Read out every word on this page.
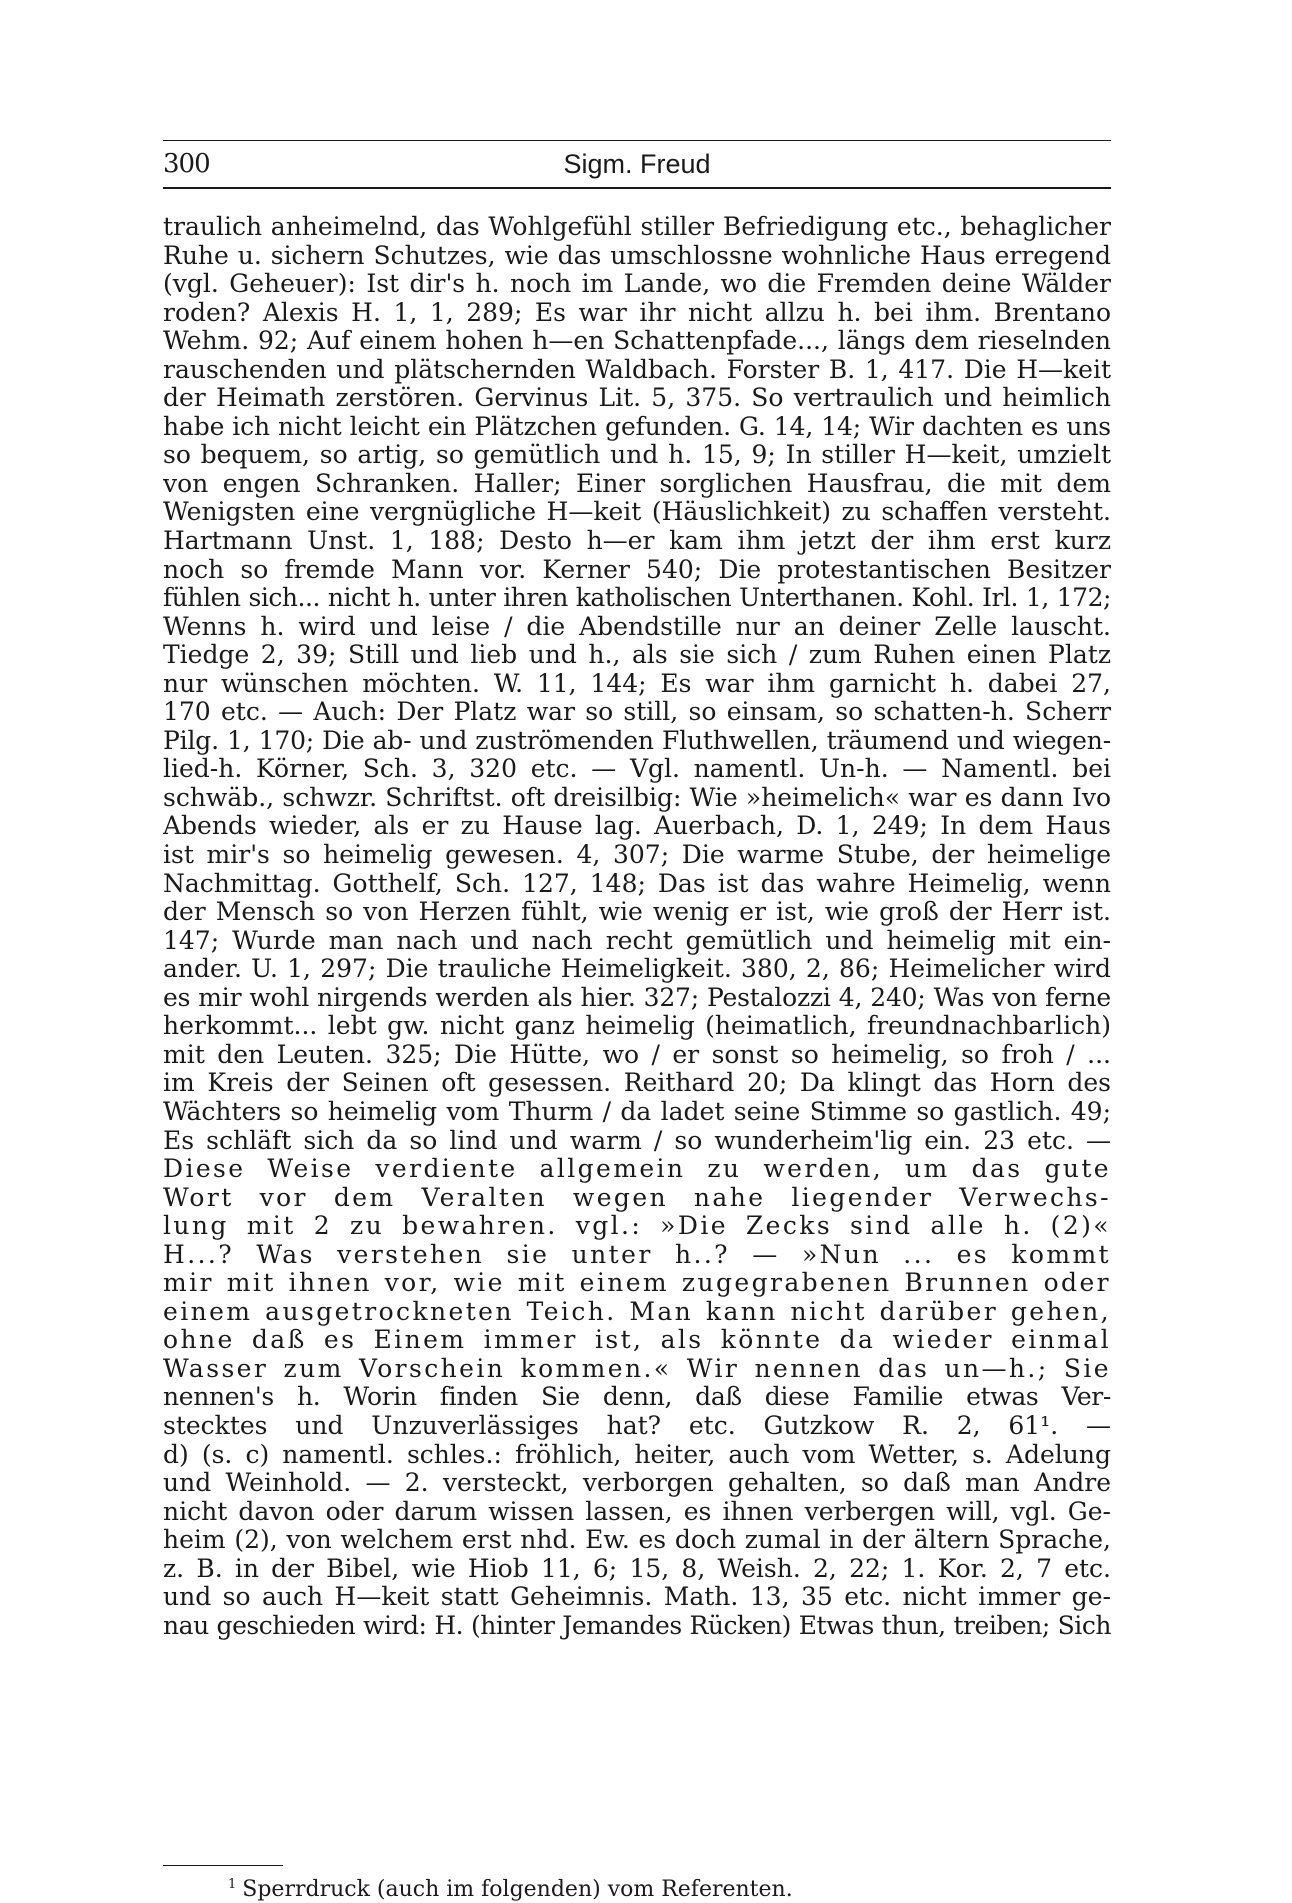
300	Sigm. Freud
traulich anheimelnd, das Wohlgefühl stiller Befriedigung etc., behaglicher
Ruhe u. sichern Schutzes, wie das umschlossne wohnliche Haus erregend
(vgl. Geheuer): Ist dir's h. noch im Lande, wo die Fremden deine Wälder
roden? Alexis H. 1, 1, 289; Es war ihr nicht allzu h. bei ihm. Brentano
Wehm. 92; Auf einem hohen h—en Schattenpfade..., längs dem rieselnden
rauschenden und plätschernden Waldbach. Forster B. 1, 417. Die H—keit
der Heimath zerstören. Gervinus Lit. 5, 375. So vertraulich und heimlich
habe ich nicht leicht ein Plätzchen gefunden. G. 14, 14; Wir dachten es uns
so bequem, so artig, so gemütlich und h. 15, 9; In stiller H—keit, umzielt
von engen Schranken. Haller; Einer sorglichen Hausfrau, die mit dem
Wenigsten eine vergnügliche H—keit (Häuslichkeit) zu schaffen versteht.
Hartmann Unst. 1, 188; Desto h—er kam ihm jetzt der ihm erst kurz
noch so fremde Mann vor. Kerner 540; Die protestantischen Besitzer
fühlen sich... nicht h. unter ihren katholischen Unterthanen. Kohl. Irl. 1, 172;
Wenns h. wird und leise / die Abendstille nur an deiner Zelle lauscht.
Tiedge 2, 39; Still und lieb und h., als sie sich / zum Ruhen einen Platz
nur wünschen möchten. W. 11, 144; Es war ihm garnicht h. dabei 27,
170 etc. — Auch: Der Platz war so still, so einsam, so schatten-h. Scherr
Pilg. 1, 170; Die ab- und zuströmenden Fluthwellen, träumend und wiegen-
lied-h. Körner, Sch. 3, 320 etc. — Vgl. namentl. Un-h. — Namentl. bei
schwäb., schwzr. Schriftst. oft dreisilbig: Wie »heimelich« war es dann Ivo
Abends wieder, als er zu Hause lag. Auerbach, D. 1, 249; In dem Haus
ist mir's so heimelig gewesen. 4, 307; Die warme Stube, der heimelige
Nachmittag. Gotthelf, Sch. 127, 148; Das ist das wahre Heimelig, wenn
der Mensch so von Herzen fühlt, wie wenig er ist, wie groß der Herr ist.
147; Wurde man nach und nach recht gemütlich und heimelig mit ein-
ander. U. 1, 297; Die trauliche Heimeligkeit. 380, 2, 86; Heimelicher wird
es mir wohl nirgends werden als hier. 327; Pestalozzi 4, 240; Was von ferne
herkommt... lebt gw. nicht ganz heimelig (heimatlich, freundnachbarlich)
mit den Leuten. 325; Die Hütte, wo / er sonst so heimelig, so froh / ...
im Kreis der Seinen oft gesessen. Reithard 20; Da klingt das Horn des
Wächters so heimelig vom Thurm / da ladet seine Stimme so gastlich. 49;
Es schläft sich da so lind und warm / so wunderheim'lig ein. 23 etc. —
Diese Weise verdiente allgemein zu werden, um das gute
Wort vor dem Veralten wegen nahe liegender Verwechs-
lung mit 2 zu bewahren. vgl.: »Die Zecks sind alle h. (2)«
H...? Was verstehen sie unter h..? — »Nun ... es kommt
mir mit ihnen vor, wie mit einem zugegrabenen Brunnen oder
einem ausgetrockneten Teich. Man kann nicht darüber gehen,
ohne daß es Einem immer ist, als könnte da wieder einmal
Wasser zum Vorschein kommen.« Wir nennen das un—h.; Sie
nennen's h. Worin finden Sie denn, daß diese Familie etwas Ver-
stecktes und Unzuverlässiges hat? etc. Gutzkow R. 2, 61¹. —
d) (s. c) namentl. schles.: fröhlich, heiter, auch vom Wetter, s. Adelung
und Weinhold. — 2. versteckt, verborgen gehalten, so daß man Andre
nicht davon oder darum wissen lassen, es ihnen verbergen will, vgl. Ge-
heim (2), von welchem erst nhd. Ew. es doch zumal in der ältern Sprache,
z. B. in der Bibel, wie Hiob 11, 6; 15, 8, Weish. 2, 22; 1. Kor. 2, 7 etc.
und so auch H—keit statt Geheimnis. Math. 13, 35 etc. nicht immer ge-
nau geschieden wird: H. (hinter Jemandes Rücken) Etwas thun, treiben; Sich
$^1$ Sperrdruck (auch im folgenden) vom Referenten.
